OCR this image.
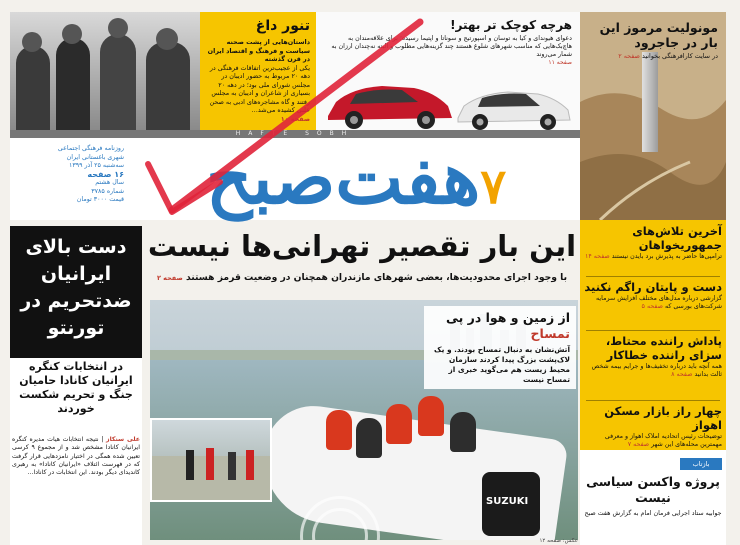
تنور داغ

داستان‌هایی از پشت صحنه سیاست و فرهنگ و اقتصاد ایران در قرن گذشته

یکی از عجیب‌ترین اتفاقات فرهنگی در دهه ۲۰ مربوط به حضور ادیبان در مجلس شورای ملی بود؛ در دهه ۲۰ بسیاری از شاعران و ادیبان به مجلس رفتند و گاه مشاجره‌های ادبی به صحن علنی کشیده می‌شد…

صفحه ۱۰

هرچه کوچک تر بهتر!

دعوای هیوندای و کیا به توسان و اسپورتیج و سوناتا و اپتیما رسیده؛ برای علاقه‌مندان به هاچ‌بک‌هایی که مناسب شهرهای شلوغ هستند چند گزینه‌هایی مطلوب و البته نه‌چندان ارزان به شمار می‌روند

صفحه ۱۱

مونولیت مرموز این بار در جاجرود

در سایت کارافرهنگی بخوانید صفحه ۲

HAFTE SOBH
۷هفت‌صبح
روزنامه فرهنگی اجتماعی
شهری باغستانی ایران
سه‌شنبه ۲۵ آذر ۱۳۹۹
۱۶ صفحه
سال هشتم
شماره ۳۷۸۵
قیمت ۳۰۰۰ تومان
دست بالای ایرانیان ضدتحریم در تورنتو
در انتخابات کنگره ایرانیان کانادا حامیان جنگ و تحریم شکست خوردند
علی سنکاز | نتیجه انتخابات هیات مدیره کنگره ایرانیان کانادا مشخص شد و از مجموع ۹ کرسی تعیین شده همگی در اختیار نامزدهایی قرار گرفت که در فهرست ائتلاف «ایرانیان کانادا» به رهبری کاندیدای دیگر بودند. این انتخابات در کانادا…
این بار تقصیر تهرانی‌ها نیست
با وجود اجرای محدودیت‌ها، بعضی شهرهای مازندران همچنان در وضعیت قرمز هستند صفحه ۲
SUZUKI
از زمین و هوا در پی تمساح

آتش‌نشان به دنبال تمساح بودند. و یک لاک‌پشت بزرگ پیدا کردند سازمان محیط زیست هم می‌گوید خبری از تمساح نیست

عکس: صفحه ۱۲
آخرین تلاش‌های جمهوریخواهان

ترامپی‌ها حاضر به پذیرش برد بایدن نیستند صفحه ۱۴

دست و پایتان راگم نکنید

گزارشی درباره مدل‌های مختلف افزایش سرمایه شرکت‌های بورسی که صفحه ۵

پاداش راننده محتاط، سزای راننده خطاکار

همه آنچه باید درباره تخفیف‌ها و جرایم بیمه شخص ثالث بدانید صفحه ۸

چهار راز بازار مسکن اهواز

توضیحات رئیس اتحادیه املاک اهواز و معرفی مهمترین محله‌های این شهر صفحه ۷

بازتاب
پروژه واکسن سیاسی نیست
جوابیه ستاد اجرایی فرمان امام به گزارش هفت صبح
